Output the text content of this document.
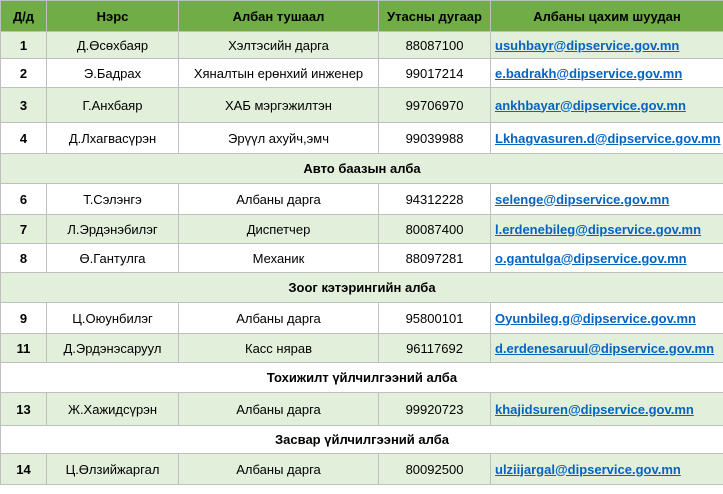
Д/д	Нэрс	Албан тушаал	Утасны дугаар	Албаны цахим шуудан
1	Д.Өсөхбаяр	Хэлтэсийн дарга	88087100	usuhbayr@dipservice.gov.mn
2	Э.Бадрах	Хяналтын ерөнхий инженер	99017214	e.badrakh@dipservice.gov.mn
3	Г.Анхбаяр	ХАБ мэргэжилтэн	99706970	ankhbayar@dipservice.gov.mn
4	Д.Лхагвасүрэн	Эрүүл ахуйч,эмч	99039988	Lkhagvasuren.d@dipservice.gov.mn
Авто баазын алба				
6	Т.Сэлэнгэ	Албаны дарга	94312228	selenge@dipservice.gov.mn
7	Л.Эрдэнэбилэг	Диспетчер	80087400	l.erdenebileg@dipservice.gov.mn
8	Ө.Гантулга	Механик	88097281	o.gantulga@dipservice.gov.mn
Зоог кэтэрингийн алба				
9	Ц.Оюунбилэг	Албаны дарга	95800101	Oyunbileg.g@dipservice.gov.mn
11	Д.Эрдэнэсаруул	Касс нярав	96117692	d.erdenesaruul@dipservice.gov.mn
Тохижилт үйлчилгээний алба				
13	Ж.Хажидсүрэн	Албаны дарга	99920723	khajidsuren@dipservice.gov.mn
Засвар үйлчилгээний алба				
14	Ц.Өлзийжаргал	Албаны дарга	80092500	ulziijargal@dipservice.gov.mn
